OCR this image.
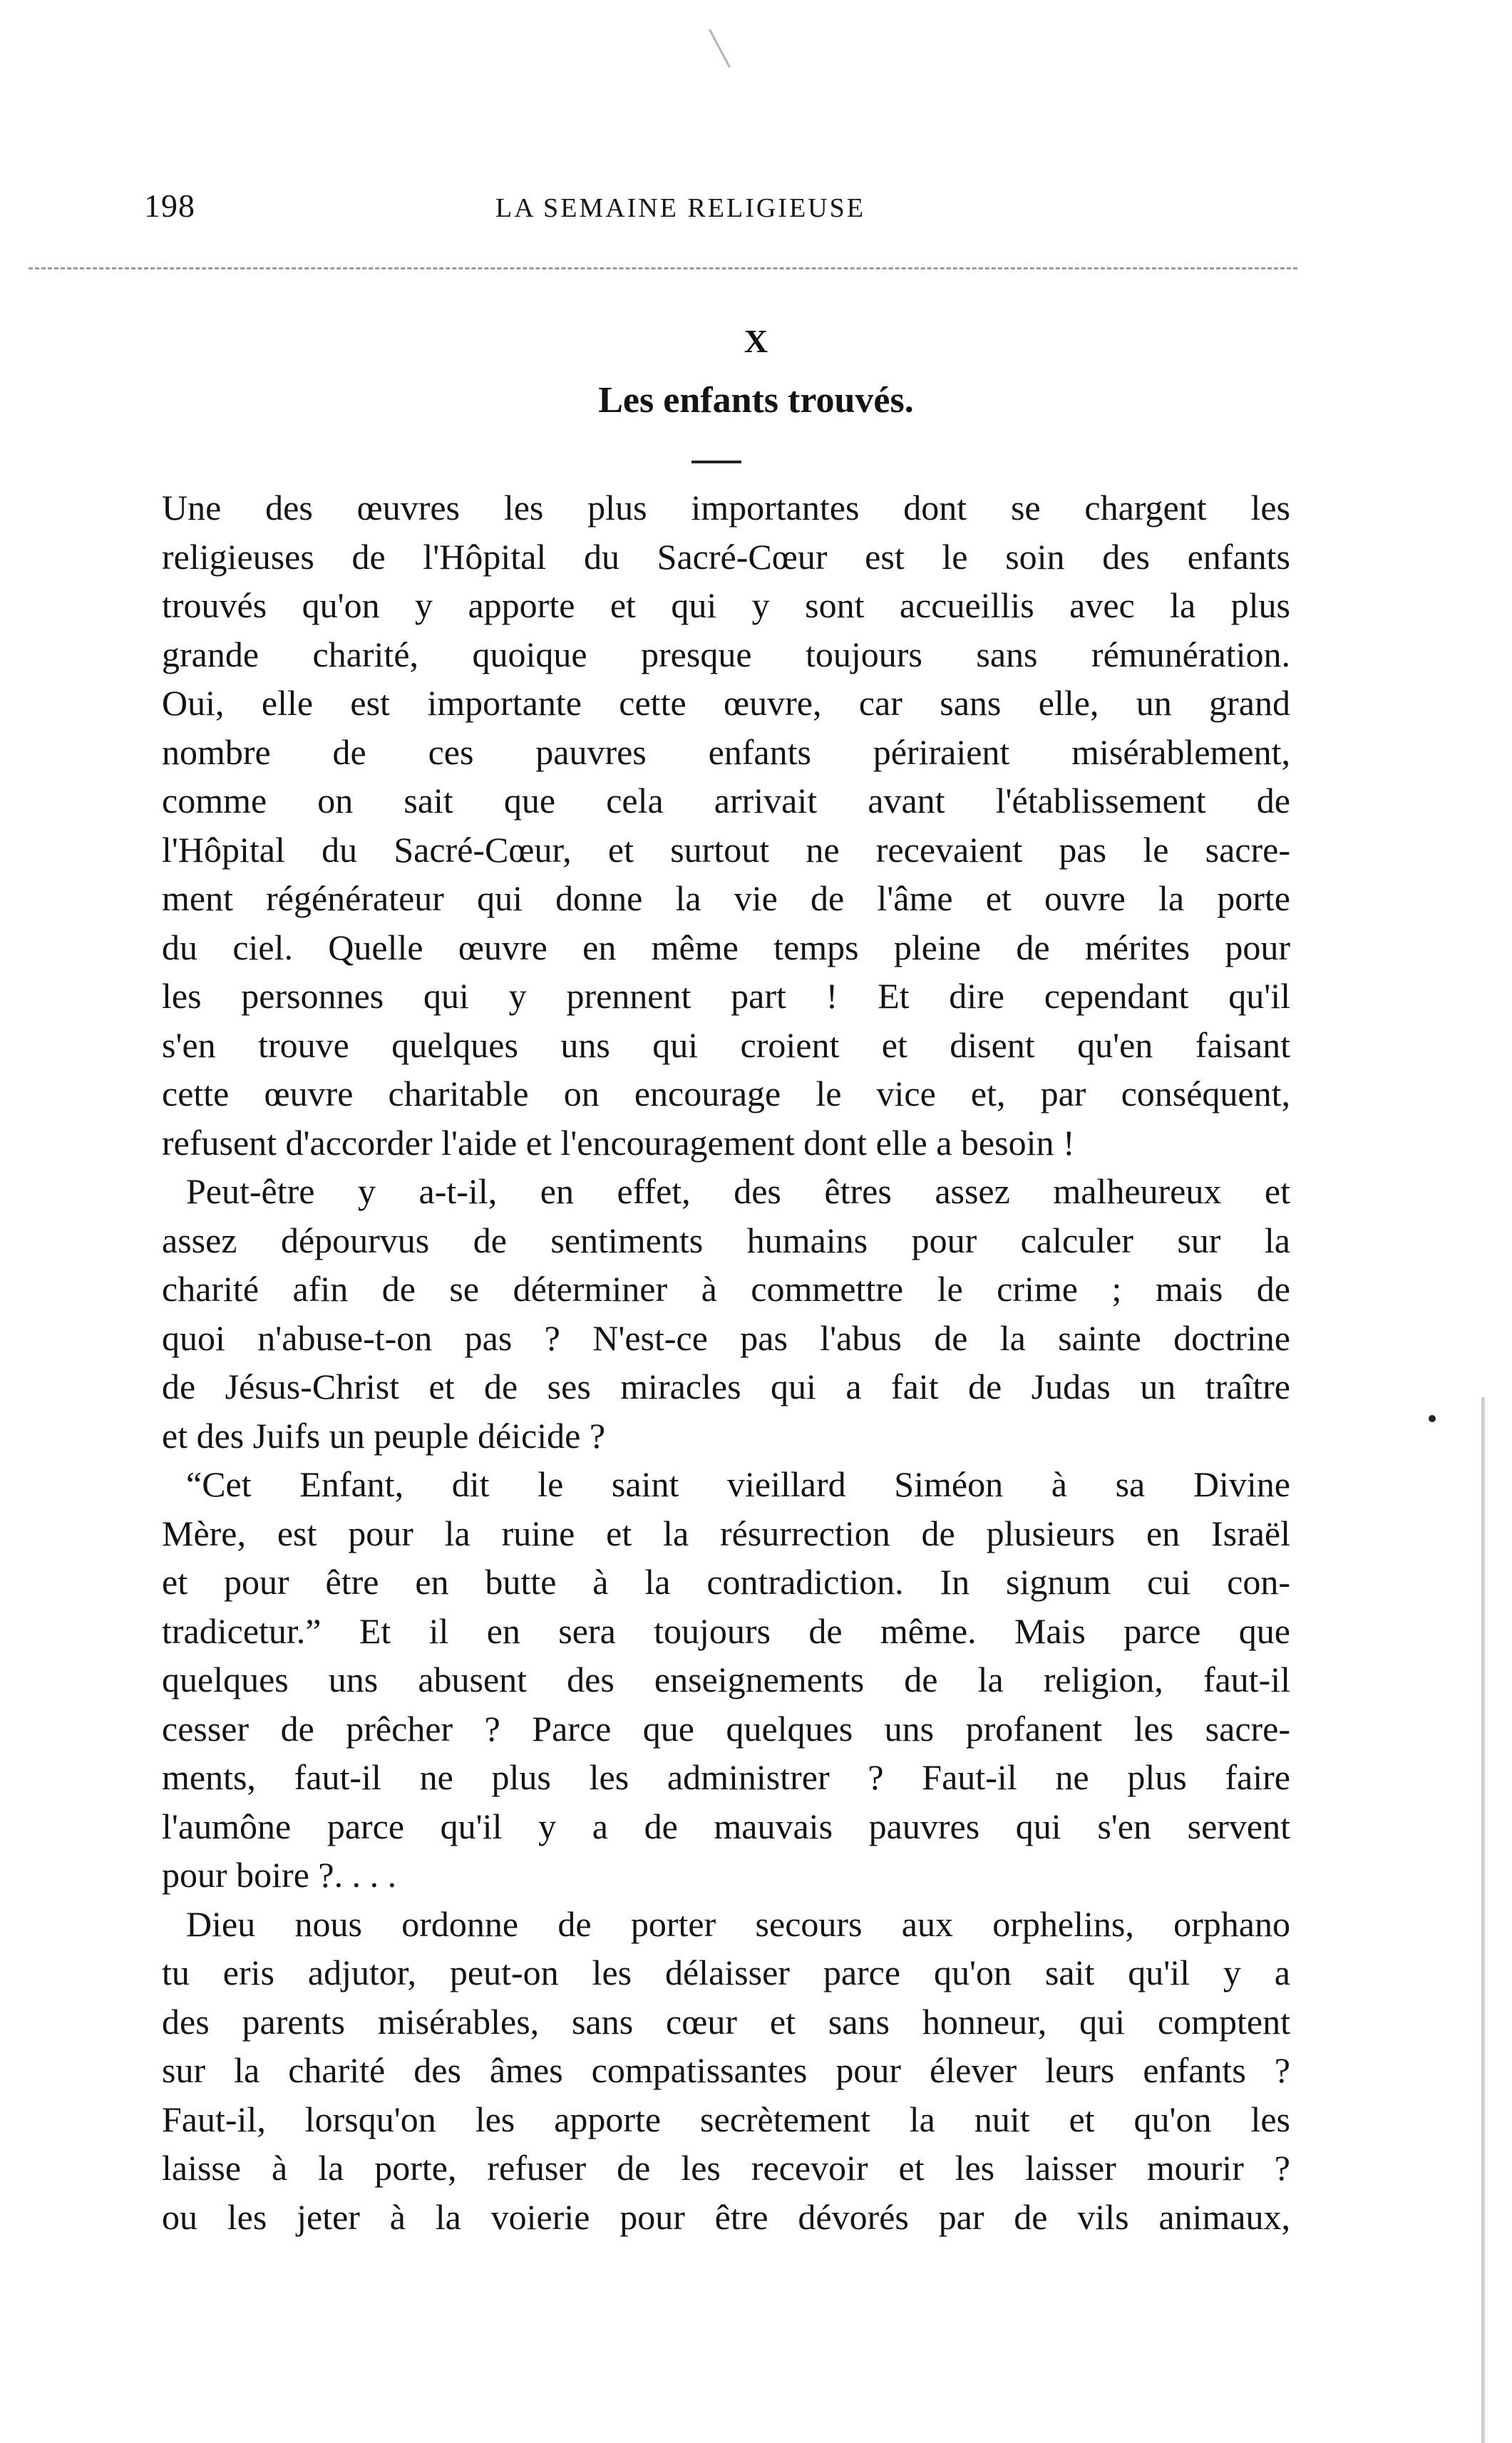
198	LA SEMAINE RELIGIEUSE
X
Les enfants trouvés.
Une des œuvres les plus importantes dont se chargent les
religieuses de l'Hôpital du Sacré-Cœur est le soin des enfants
trouvés qu'on y apporte et qui y sont accueillis avec la plus
grande charité, quoique presque toujours sans rémunération.
Oui, elle est importante cette œuvre, car sans elle, un grand
nombre de ces pauvres enfants périraient misérablement,
comme on sait que cela arrivait avant l'établissement de
l'Hôpital du Sacré-Cœur, et surtout ne recevaient pas le sacre-
ment régénérateur qui donne la vie de l'âme et ouvre la porte
du ciel. Quelle œuvre en même temps pleine de mérites pour
les personnes qui y prennent part ! Et dire cependant qu'il
s'en trouve quelques uns qui croient et disent qu'en faisant
cette œuvre charitable on encourage le vice et, par conséquent,
refusent d'accorder l'aide et l'encouragement dont elle a besoin !
Peut-être y a-t-il, en effet, des êtres assez malheureux et
assez dépourvus de sentiments humains pour calculer sur la
charité afin de se déterminer à commettre le crime ; mais de
quoi n'abuse-t-on pas ? N'est-ce pas l'abus de la sainte doctrine
de Jésus-Christ et de ses miracles qui a fait de Judas un traître
et des Juifs un peuple déicide ?
“Cet Enfant, dit le saint vieillard Siméon à sa Divine
Mère, est pour la ruine et la résurrection de plusieurs en Israël
et pour être en butte à la contradiction. In signum cui con-
tradicetur.” Et il en sera toujours de même. Mais parce que
quelques uns abusent des enseignements de la religion, faut-il
cesser de prêcher ? Parce que quelques uns profanent les sacre-
ments, faut-il ne plus les administrer ? Faut-il ne plus faire
l'aumône parce qu'il y a de mauvais pauvres qui s'en servent
pour boire ?. . . .
Dieu nous ordonne de porter secours aux orphelins, orphano
tu eris adjutor, peut-on les délaisser parce qu'on sait qu'il y a
des parents misérables, sans cœur et sans honneur, qui comptent
sur la charité des âmes compatissantes pour élever leurs enfants ?
Faut-il, lorsqu'on les apporte secrètement la nuit et qu'on les
laisse à la porte, refuser de les recevoir et les laisser mourir ?
ou les jeter à la voierie pour être dévorés par de vils animaux,
